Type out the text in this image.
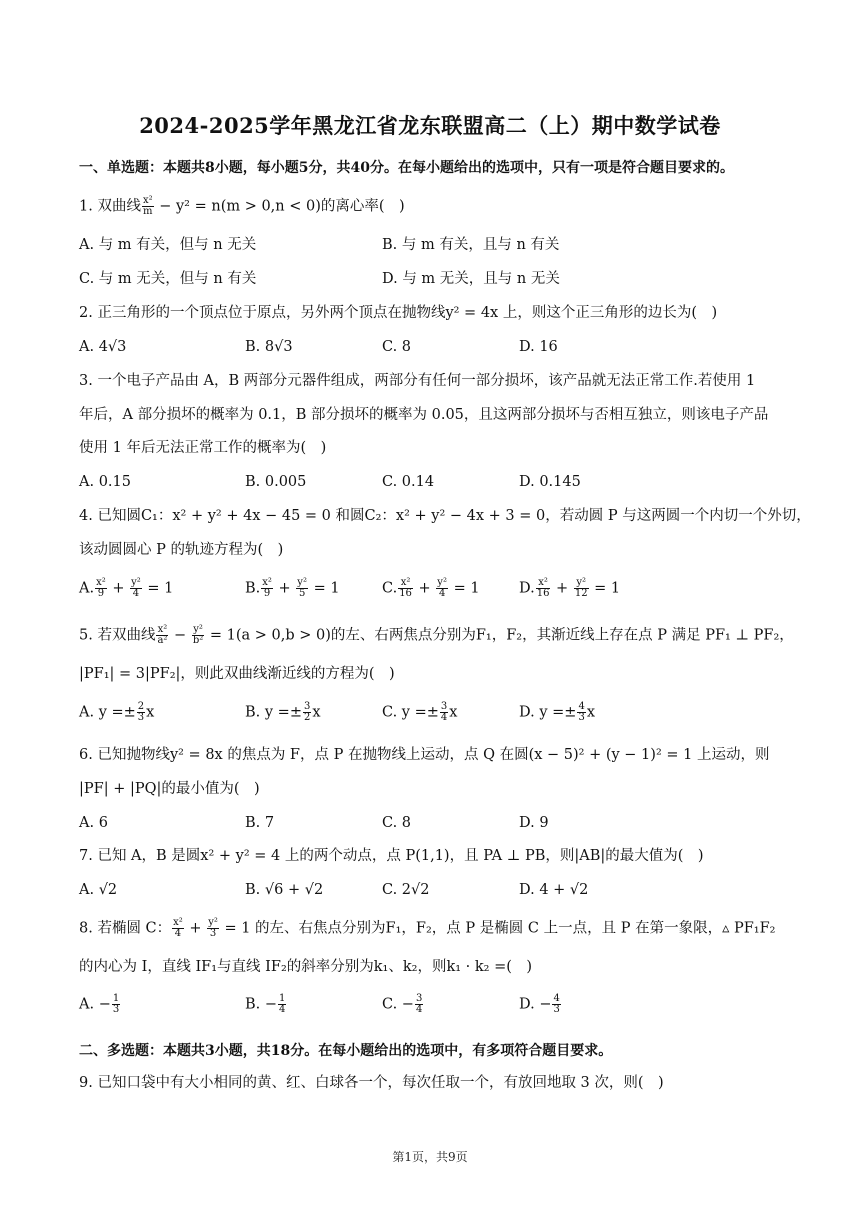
2024-2025学年黑龙江省龙东联盟高二（上）期中数学试卷
一、单选题：本题共8小题，每小题5分，共40分。在每小题给出的选项中，只有一项是符合题目要求的。
1. 双曲线 $\frac{\text{x²}}{m} - y^2 = n(m > 0,n < 0)$的离心率(　)
A. 与 m 有关，但与 n 无关	B. 与 m 有关，且与 n 有关
C. 与 m 无关，但与 n 有关	D. 与 m 无关，且与 n 无关
2. 正三角形的一个顶点位于原点，另外两个顶点在抛物线y² = 4x 上，则这个正三角形的边长为(　)
A. 4√3	B. 8√3	C. 8	D. 16
3. 一个电子产品由 A，B 两部分元器件组成，两部分有任何一部分损坏，该产品就无法正常工作.若使用 1
年后，A 部分损坏的概率为 0.1，B 部分损坏的概率为 0.05，且这两部分损坏与否相互独立，则该电子产品
使用 1 年后无法正常工作的概率为(　)
A. 0.15	B. 0.005	C. 0.14	D. 0.145
4. 已知圆C₁：x² + y² + 4x − 45 = 0 和圆C₂：x² + y² − 4x + 3 = 0，若动圆 P 与这两圆一个内切一个外切，
该动圆圆心 P 的轨迹方程为(　)
A. $\frac{\text{x²}}{9} + \frac{\text{y²}}{4} = 1$	B. $\frac{\text{x²}}{9} + \frac{\text{y²}}{5} = 1$	C. $\frac{\text{x²}}{16} + \frac{\text{y²}}{4} = 1$	D. $\frac{\text{x²}}{16} + \frac{\text{y²}}{12} = 1$
5. 若双曲线 $\frac{\text{x²}}{\text{a²}} - \frac{\text{y²}}{\text{b²}} = 1(a > 0,b > 0)$的左、右两焦点分别为F₁，F₂，其渐近线上存在点 P 满足 PF₁ ⊥ PF₂，
|PF₁| = 3|PF₂|，则此双曲线渐近线的方程为(　)
A. $y =\pm \frac{2}{3}$ x	B. $y =\pm \frac{3}{2}$ x	C. $y =\pm \frac{3}{4}$ x	D. $y =\pm \frac{4}{3}$ x
6. 已知抛物线y² = 8x 的焦点为 F，点 P 在抛物线上运动，点 Q 在圆(x − 5)² + (y − 1)² = 1 上运动，则
|PF| + |PQ|的最小值为(　)
A. 6	B. 7	C. 8	D. 9
7. 已知 A，B 是圆x² + y² = 4 上的两个动点，点 P(1,1)，且 PA ⊥ PB，则|AB|的最大值为(　)
A. √2	B. √6 + √2	C. 2√2	D. 4 + √2
8. 若椭圆 C： $\frac{\text{x²}}{4} + \frac{\text{y²}}{3} = 1$ 的左、右焦点分别为F₁，F₂，点 P 是椭圆 C 上一点，且 P 在第一象限，▵ PF₁F₂
的内心为 I，直线 IF₁与直线 IF₂的斜率分别为k₁、k₂，则k₁ · k₂ =(　)
A. − $\frac{1}{3}$	B. − $\frac{1}{4}$	C. − $\frac{3}{4}$	D. − $\frac{4}{3}$
二、多选题：本题共3小题，共18分。在每小题给出的选项中，有多项符合题目要求。
9. 已知口袋中有大小相同的黄、红、白球各一个，每次任取一个，有放回地取 3 次，则(　)
第1页，共9页
